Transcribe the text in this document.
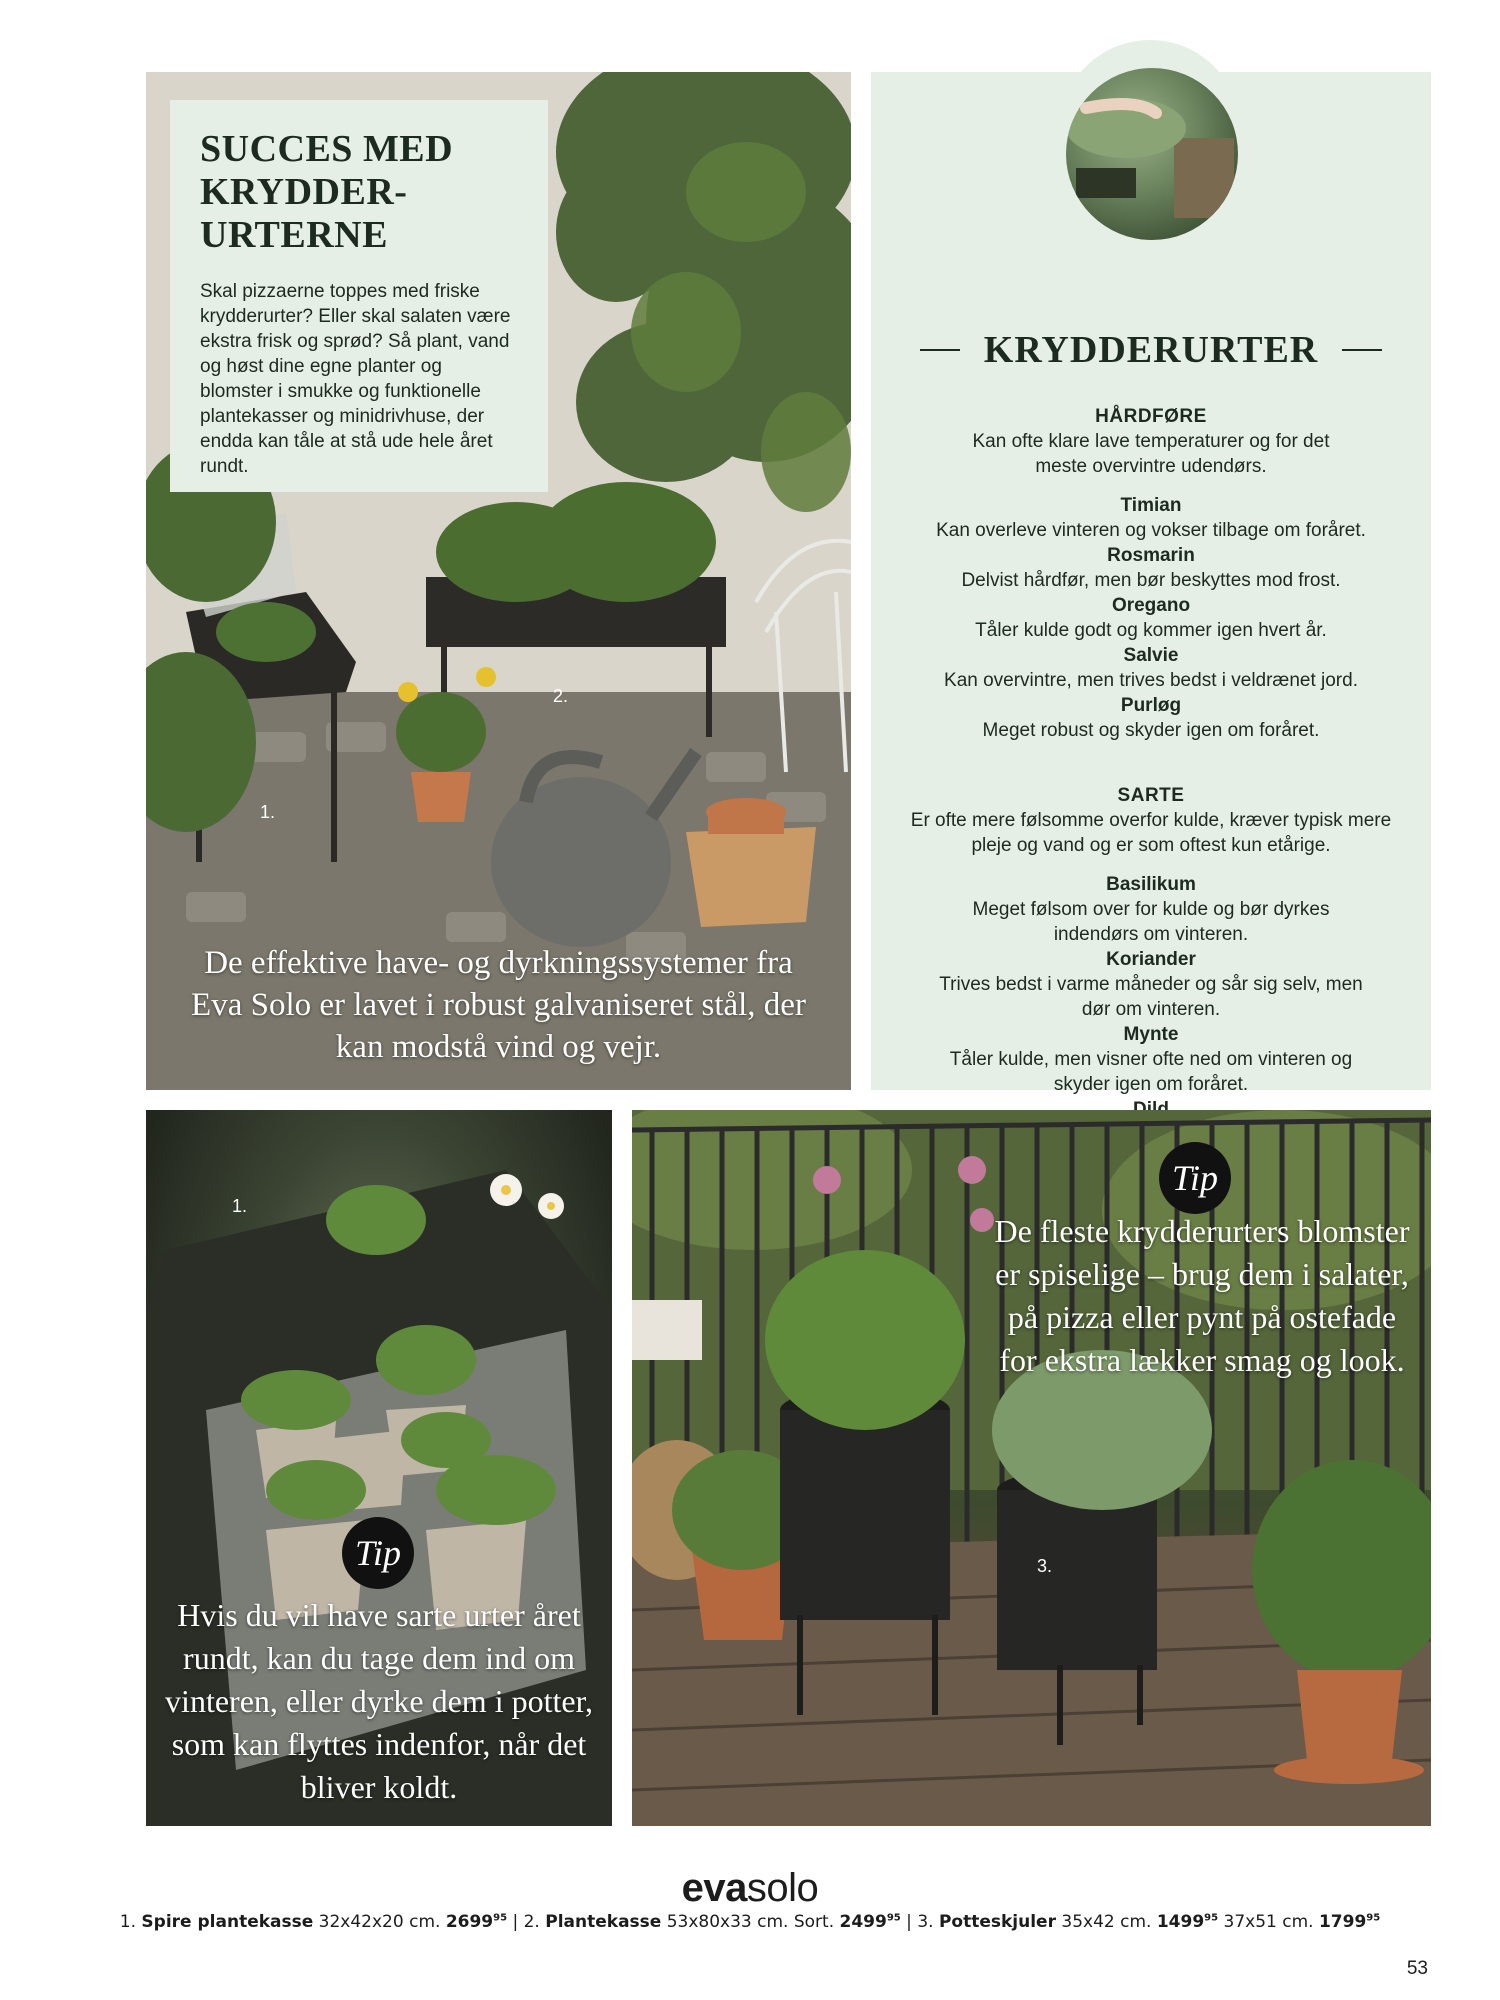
SUCCES MED
KRYDDER-
URTERNE

Skal pizzaerne toppes med friske krydderurter? Eller skal salaten være ekstra frisk og sprød? Så plant, vand og høst dine egne planter og blomster i smukke og funktionelle plantekasser og minidrivhuse, der endda kan tåle at stå ude hele året rundt.

1.
2.

De effektive have- og dyrkningssystemer fra Eva Solo er lavet i robust galvaniseret stål, der kan modstå vind og vejr.

KRYDDERURTER
HÅRDFØRE
Kan ofte klare lave temperaturer og for det meste overvintre udendørs.
Timian
Kan overleve vinteren og vokser tilbage om foråret.
Rosmarin
Delvist hårdfør, men bør beskyttes mod frost.
Oregano
Tåler kulde godt og kommer igen hvert år.
Salvie
Kan overvintre, men trives bedst i veldrænet jord.
Purløg
Meget robust og skyder igen om foråret.
SARTE
Er ofte mere følsomme overfor kulde, kræver typisk mere pleje og vand og er som oftest kun etårige.
Basilikum
Meget følsom over for kulde og bør dyrkes indendørs om vinteren.
Koriander
Trives bedst i varme måneder og sår sig selv, men dør om vinteren.
Mynte
Tåler kulde, men visner ofte ned om vinteren og skyder igen om foråret.
1.
Tip

Hvis du vil have sarte urter året rundt, kan du tage dem ind om vinteren, eller dyrke dem i potter, som kan flyttes indenfor, når det bliver koldt.

3.
Tip

De fleste krydderurters blomster er spiselige – brug dem i salater, på pizza eller pynt på ostefade for ekstra lækker smag og look.

evasolo
1. Spire plantekasse 32x42x20 cm. 2699$^{95}$ | 2. Plantekasse 53x80x33 cm. Sort. 2499$^{95}$ | 3. Potteskjuler 35x42 cm. 1499$^{95}$ 37x51 cm. 1799$^{95}$
53
